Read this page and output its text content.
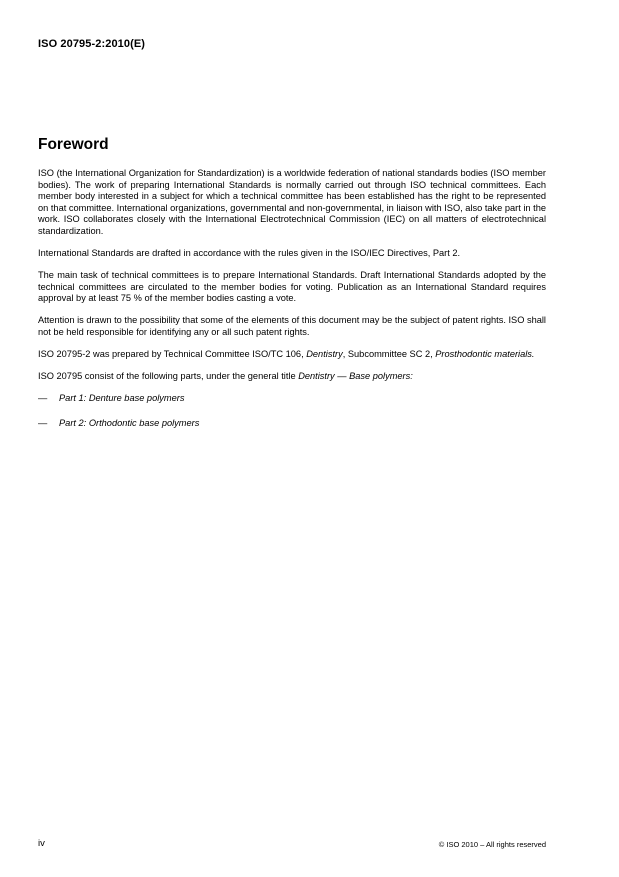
ISO 20795-2:2010(E)
Foreword

ISO (the International Organization for Standardization) is a worldwide federation of national standards bodies (ISO member bodies). The work of preparing International Standards is normally carried out through ISO technical committees. Each member body interested in a subject for which a technical committee has been established has the right to be represented on that committee. International organizations, governmental and non-governmental, in liaison with ISO, also take part in the work. ISO collaborates closely with the International Electrotechnical Commission (IEC) on all matters of electrotechnical standardization.

International Standards are drafted in accordance with the rules given in the ISO/IEC Directives, Part 2.

The main task of technical committees is to prepare International Standards. Draft International Standards adopted by the technical committees are circulated to the member bodies for voting. Publication as an International Standard requires approval by at least 75 % of the member bodies casting a vote.

Attention is drawn to the possibility that some of the elements of this document may be the subject of patent rights. ISO shall not be held responsible for identifying any or all such patent rights.

ISO 20795-2 was prepared by Technical Committee ISO/TC 106, Dentistry, Subcommittee SC 2, Prosthodontic materials.

ISO 20795 consist of the following parts, under the general title Dentistry — Base polymers:

—	Part 1: Denture base polymers
—	Part 2: Orthodontic base polymers
iv	© ISO 2010 – All rights reserved
